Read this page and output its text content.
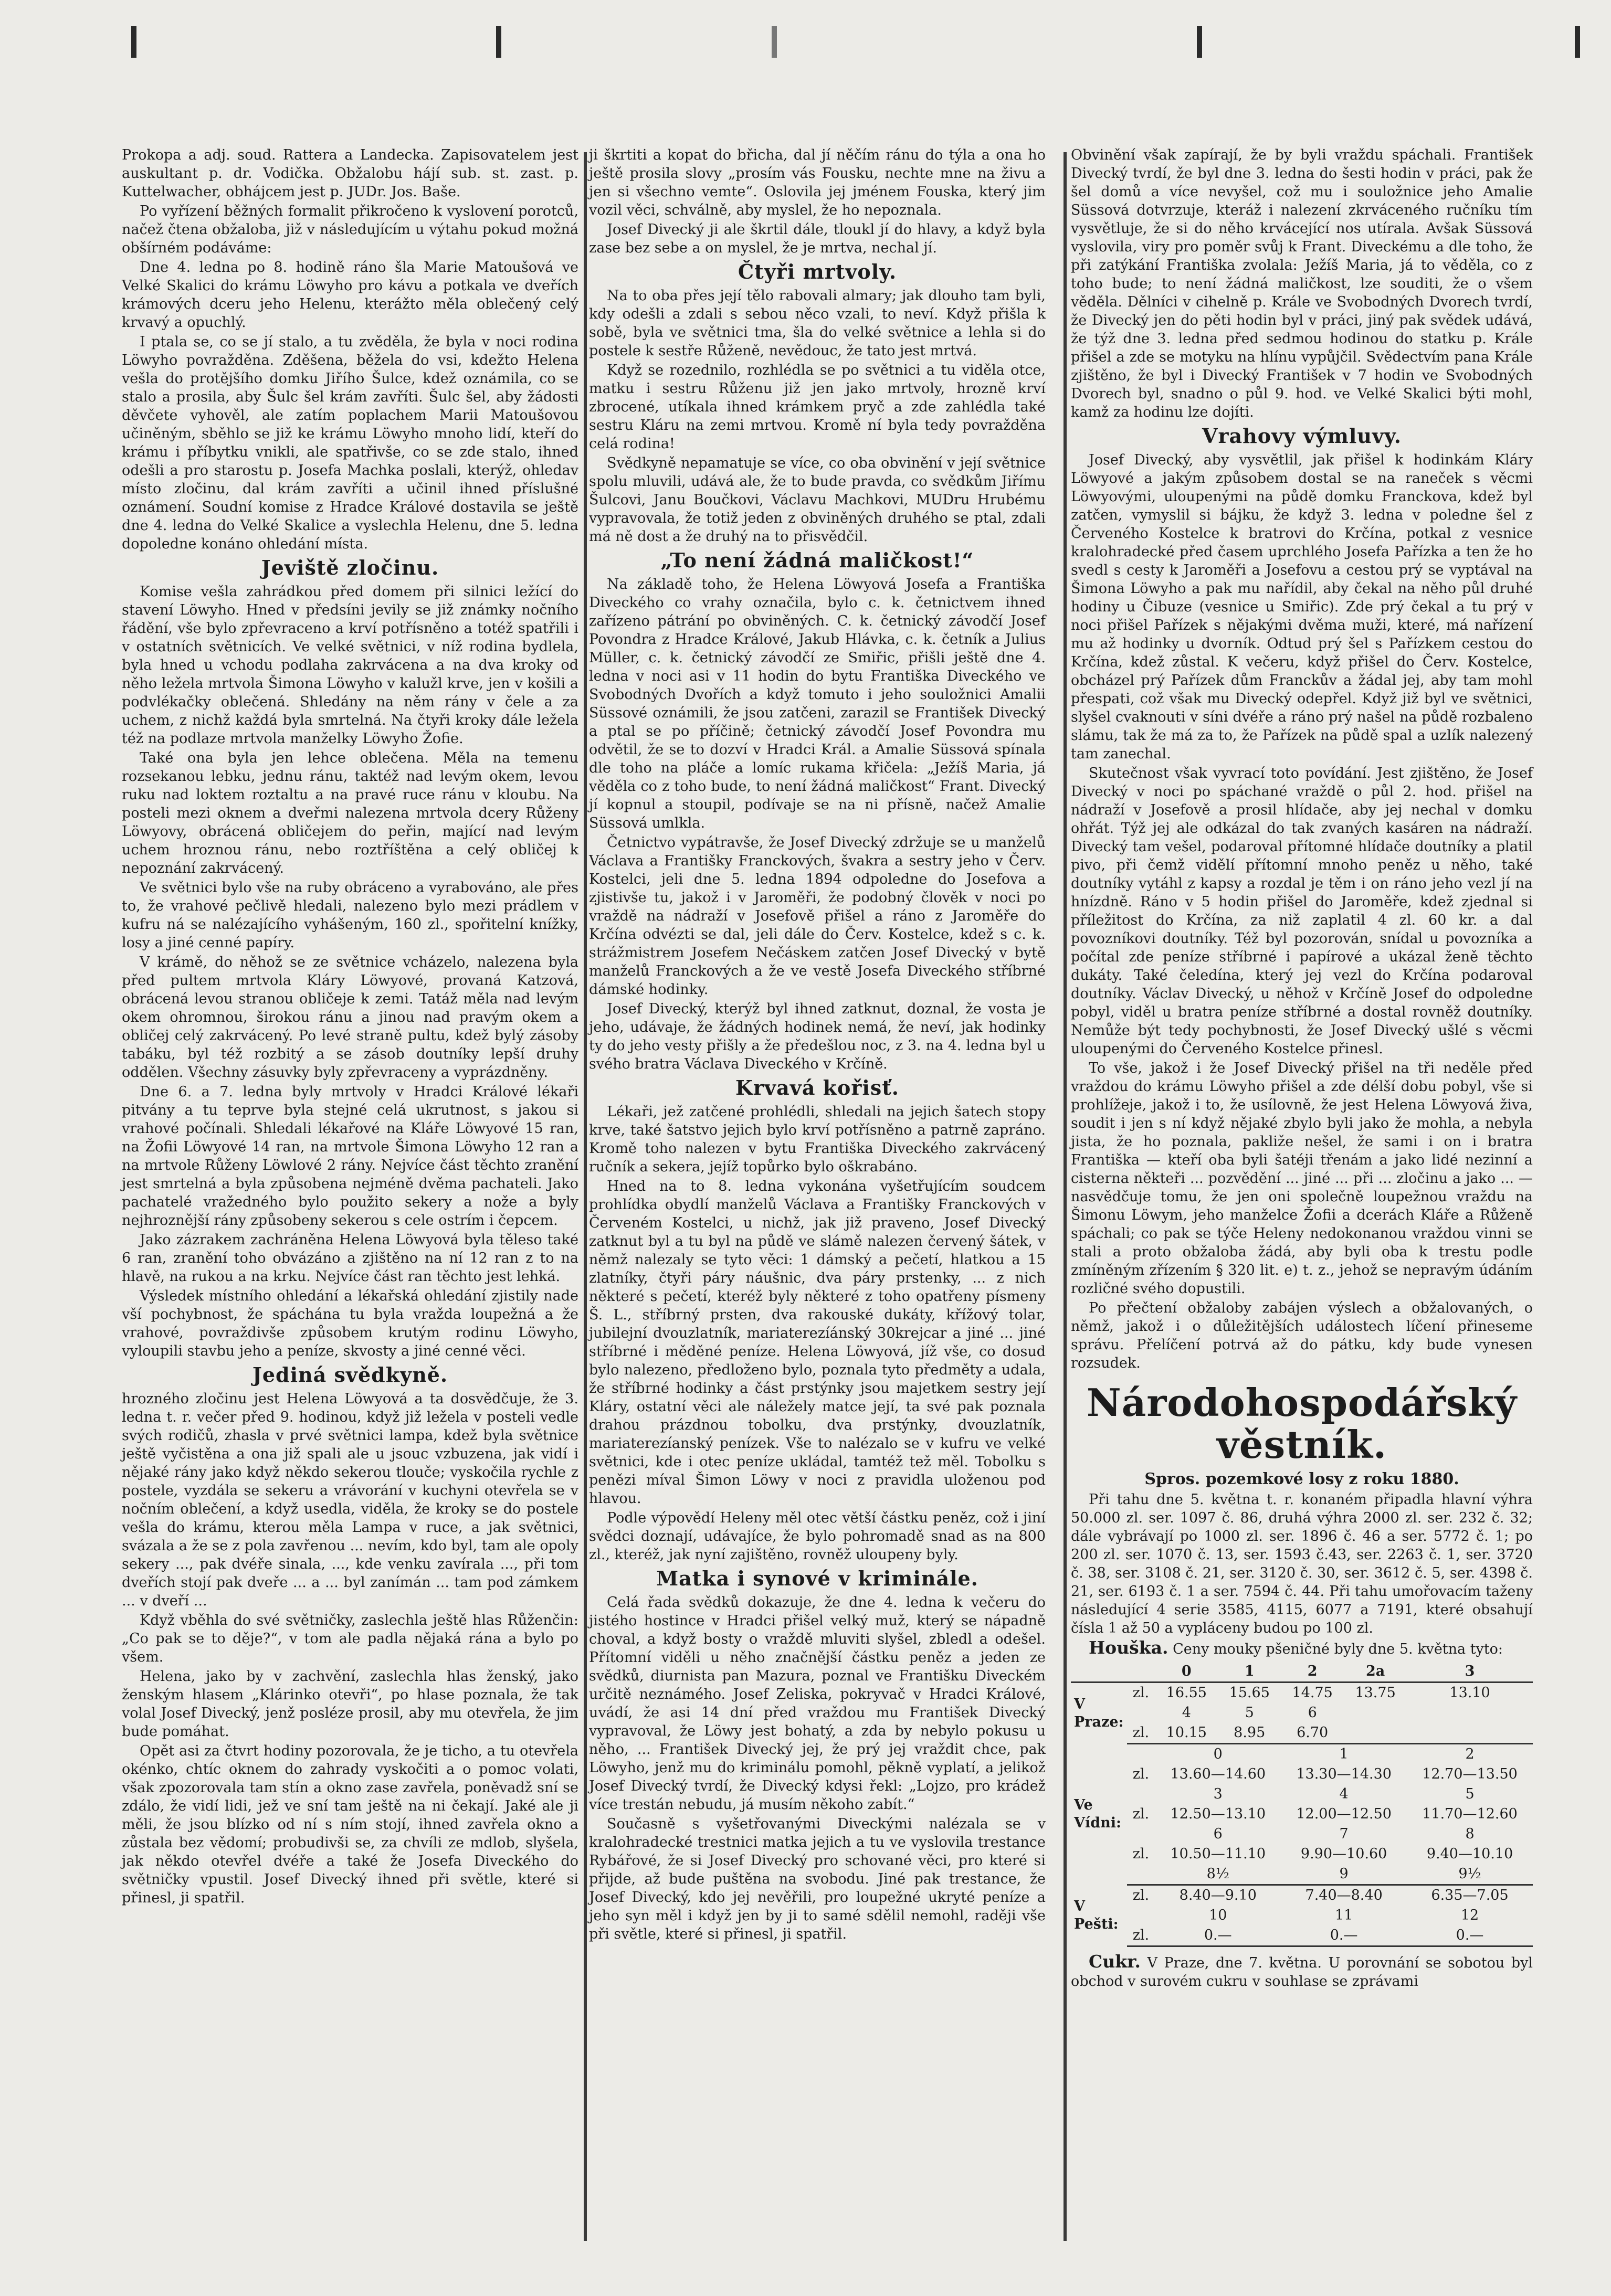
Prokopa a adj. soud. Rattera a Landecka. Zapisovatelem jest auskultant p. dr. Vodička. Obžalobu hájí sub. st. zast. p. Kuttelwacher, obhájcem jest p. JUDr. Jos. Baše.

Po vyřízení běžných formalit přikročeno k vyslovení porotců, načež čtena obžaloba, již v následujícím u výtahu pokud možná obšírném podáváme:

Dne 4. ledna po 8. hodině ráno šla Marie Matoušová ve Velké Skalici do krámu Löwyho pro kávu a potkala ve dveřích krámových dceru jeho Helenu, kterážto měla oblečený celý krvavý a opuchlý.

I ptala se, co se jí stalo, a tu zvěděla, že byla v noci rodina Löwyho povražděna. Zděšena, běžela do vsi, kdežto Helena vešla do protějšího domku Jiřího Šulce, kdež oznámila, co se stalo a prosila, aby Šulc šel krám zavříti. Šulc šel, aby žádosti děvčete vyhověl, ale zatím poplachem Marii Matoušovou učiněným, sběhlo se již ke krámu Löwyho mnoho lidí, kteří do krámu i příbytku vnikli, ale spatřivše, co se zde stalo, ihned odešli a pro starostu p. Josefa Machka poslali, kterýž, ohledav místo zločinu, dal krám zavříti a učinil ihned příslušné oznámení. Soudní komise z Hradce Králové dostavila se ještě dne 4. ledna do Velké Skalice a vyslechla Helenu, dne 5. ledna dopoledne konáno ohledání místa.

Jeviště zločinu.

Komise vešla zahrádkou před domem při silnici ležící do stavení Löwyho. Hned v předsíni jevily se již známky nočního řádění, vše bylo zpřevraceno a krví potřísněno a totéž spatřili i v ostatních světnicích. Ve velké světnici, v níž rodina bydlela, byla hned u vchodu podlaha zakrvácena a na dva kroky od něho ležela mrtvola Šimona Löwyho v kalužl krve, jen v košili a podvlékačky oblečená. Shledány na něm rány v čele a za uchem, z nichž každá byla smrtelná. Na čtyři kroky dále ležela též na podlaze mrtvola manželky Löwyho Žofie.

Také ona byla jen lehce oblečena. Měla na temenu rozsekanou lebku, jednu ránu, taktéž nad levým okem, levou ruku nad loktem roztaltu a na pravé ruce ránu v kloubu. Na posteli mezi oknem a dveřmi nalezena mrtvola dcery Růženy Löwyovy, obrácená obličejem do peřin, mající nad levým uchem hroznou ránu, nebo roztříštěna a celý obličej k nepoznání zakrvácený.

Ve světnici bylo vše na ruby obráceno a vyrabováno, ale přes to, že vrahové pečlivě hledali, nalezeno bylo mezi prádlem v kufru ná se nalézajícího vyhášeným, 160 zl., spořitelní knížky, losy a jiné cenné papíry.

V krámě, do něhož se ze světnice vcházelo, nalezena byla před pultem mrtvola Kláry Löwyové, provaná Katzová, obrácená levou stranou obličeje k zemi. Tatáž měla nad levým okem ohromnou, širokou ránu a jinou nad pravým okem a obličej celý zakrvácený. Po levé straně pultu, kdež bylý zásoby tabáku, byl též rozbitý a se zásob doutníky lepší druhy oddělen. Všechny zásuvky byly zpřevraceny a vyprázdněny.

Dne 6. a 7. ledna byly mrtvoly v Hradci Králové lékaři pitvány a tu teprve byla stejné celá ukrutnost, s jakou si vrahové počínali. Shledali lékařové na Kláře Löwyové 15 ran, na Žofii Löwyové 14 ran, na mrtvole Šimona Löwyho 12 ran a na mrtvole Růženy Löwlové 2 rány. Nejvíce část těchto zranění jest smrtelná a byla způsobena nejméně dvěma pachateli. Jako pachatelé vražedného bylo použito sekery a nože a byly nejhroznější rány způsobeny sekerou s cele ostrím i čepcem.

Jako zázrakem zachráněna Helena Löwyová byla těleso také 6 ran, zranění toho obvázáno a zjištěno na ní 12 ran z to na hlavě, na rukou a na krku. Nejvíce část ran těchto jest lehká.

Výsledek místního ohledání a lékařská ohledání zjistily nade vší pochybnost, že spáchána tu byla vražda loupežná a že vrahové, povraždivše způsobem krutým rodinu Löwyho, vyloupili stavbu jeho a peníze, skvosty a jiné cenné věci.

Jediná svědkyně.

hrozného zločinu jest Helena Löwyová a ta dosvědčuje, že 3. ledna t. r. večer před 9. hodinou, když již ležela v posteli vedle svých rodičů, zhasla v prvé světnici lampa, kdež byla světnice ještě vyčistěna a ona již spali ale u jsouc vzbuzena, jak vidí i nějaké rány jako když někdo sekerou tlouče; vyskočila rychle z postele, vyzdála se sekeru a vrávorání v kuchyni otevřela se v nočním oblečení, a když usedla, viděla, že kroky se do postele vešla do krámu, kterou měla Lampa v ruce, a jak světnici, svázala a že se z pola zavřenou ... nevím, kdo byl, tam ale opoly sekery ..., pak dvéře sinala, ..., kde venku zavírala ..., při tom dveřích stojí pak dveře ... a ... byl zanímán ... tam pod zámkem ... v dveří ...

Když vběhla do své světničky, zaslechla ještě hlas Růženčin: „Co pak se to děje?“, v tom ale padla nějaká rána a bylo po všem.

Helena, jako by v zachvění, zaslechla hlas ženský, jako ženským hlasem „Klárinko otevři“, po hlase poznala, že tak volal Josef Divecký, jenž posléze prosil, aby mu otevřela, že jim bude pomáhat.

Opět asi za čtvrt hodiny pozorovala, že je ticho, a tu otevřela okénko, chtíc oknem do zahrady vyskočiti a o pomoc volati, však zpozorovala tam stín a okno zase zavřela, poněvadž sní se zdálo, že vidí lidi, jež ve sní tam ještě na ni čekají. Jaké ale ji měli, že jsou blízko od ní s ním stojí, ihned zavřela okno a zůstala bez vědomí; probudivši se, za chvíli ze mdlob, slyšela, jak někdo otevřel dvéře a také že Josefa Diveckého do světničky vpustil. Josef Divecký ihned při světle, které si přinesl, ji spatřil.

ji škrtiti a kopat do břicha, dal jí něčím ránu do týla a ona ho ještě prosila slovy „prosím vás Fousku, nechte mne na živu a jen si všechno vemte“. Oslovila jej jménem Fouska, který jim vozil věci, schválně, aby myslel, že ho nepoznala.

Josef Divecký ji ale škrtil dále, tloukl jí do hlavy, a když byla zase bez sebe a on myslel, že je mrtva, nechal jí.

Čtyři mrtvoly.

Na to oba přes její tělo rabovali almary; jak dlouho tam byli, kdy odešli a zdali s sebou něco vzali, to neví. Když přišla k sobě, byla ve světnici tma, šla do velké světnice a lehla si do postele k sestře Růženě, nevědouc, že tato jest mrtvá.

Když se rozednilo, rozhlédla se po světnici a tu viděla otce, matku i sestru Růženu již jen jako mrtvoly, hrozně krví zbrocené, utíkala ihned krámkem pryč a zde zahlédla také sestru Kláru na zemi mrtvou. Kromě ní byla tedy povražděna celá rodina!

Svědkyně nepamatuje se více, co oba obvinění v její světnice spolu mluvili, udává ale, že to bude pravda, co svědkům Jiřímu Šulcovi, Janu Boučkovi, Václavu Machkovi, MUDru Hrubému vypravovala, že totiž jeden z obviněných druhého se ptal, zdali má ně dost a že druhý na to přisvědčil.

„To není žádná maličkost!“

Na základě toho, že Helena Löwyová Josefa a Františka Diveckého co vrahy označila, bylo c. k. četnictvem ihned zařízeno pátrání po obviněných. C. k. četnický závodčí Josef Povondra z Hradce Králové, Jakub Hlávka, c. k. četník a Julius Müller, c. k. četnický závodčí ze Smiřic, přišli ještě dne 4. ledna v noci asi v 11 hodin do bytu Františka Diveckého ve Svobodných Dvořích a když tomuto i jeho souložnici Amalii Süssové oznámili, že jsou zatčeni, zarazil se František Divecký a ptal se po příčině; četnický závodčí Josef Povondra mu odvětil, že se to dozví v Hradci Král. a Amalie Süssová spínala dle toho na pláče a lomíc rukama křičela: „Ježíš Maria, já věděla co z toho bude, to není žádná maličkost“ Frant. Divecký jí kopnul a stoupil, podívaje se na ni přísně, načež Amalie Süssová umlkla.

Četnictvo vypátravše, že Josef Divecký zdržuje se u manželů Václava a Františky Franckových, švakra a sestry jeho v Červ. Kostelci, jeli dne 5. ledna 1894 odpoledne do Josefova a zjistivše tu, jakož i v Jaroměři, že podobný člověk v noci po vraždě na nádraží v Josefově přišel a ráno z Jaroměře do Krčína odvézti se dal, jeli dále do Červ. Kostelce, kdež s c. k. strážmistrem Josefem Nečáskem zatčen Josef Divecký v bytě manželů Franckových a že ve vestě Josefa Diveckého stříbrné dámské hodinky.

Josef Divecký, kterýž byl ihned zatknut, doznal, že vosta je jeho, udávaje, že žádných hodinek nemá, že neví, jak hodinky ty do jeho vesty přišly a že předešlou noc, z 3. na 4. ledna byl u svého bratra Václava Diveckého v Krčíně.

Krvavá kořisť.

Lékaři, jež zatčené prohlédli, shledali na jejich šatech stopy krve, také šatstvo jejich bylo krví potřísněno a patrně zapráno. Kromě toho nalezen v bytu Františka Diveckého zakrvácený ručník a sekera, jejíž topůrko bylo oškrabáno.

Hned na to 8. ledna vykonána vyšetřujícím soudcem prohlídka obydlí manželů Václava a Františky Franckových v Červeném Kostelci, u nichž, jak již praveno, Josef Divecký zatknut byl a tu byl na půdě ve slámě nalezen červený šátek, v němž nalezaly se tyto věci: 1 dámský a pečetí, hlatkou a 15 zlatníky, čtyři páry náušnic, dva páry prstenky, ... z nich některé s pečetí, kteréž byly některé z toho opatřeny písmeny Š. L., stříbrný prsten, dva rakouské dukáty, křížový tolar, jubilejní dvouzlatník, mariaterezíánský 30krejcar a jiné ... jiné stříbrné i měděné peníze. Helena Löwyová, jíž vše, co dosud bylo nalezeno, předloženo bylo, poznala tyto předměty a udala, že stříbrné hodinky a část prstýnky jsou majetkem sestry její Kláry, ostatní věci ale náležely matce její, ta své pak poznala drahou prázdnou tobolku, dva prstýnky, dvouzlatník, mariaterezíanský penízek. Vše to nalézalo se v kufru ve velké světnici, kde i otec peníze ukládal, tamtéž tež měl. Tobolku s penězi míval Šimon Löwy v noci z pravidla uloženou pod hlavou.

Podle výpovědí Heleny měl otec větší částku peněz, což i jiní svědci doznají, udávajíce, že bylo pohromadě snad as na 800 zl., kteréž, jak nyní zajištěno, rovněž uloupeny byly.

Matka i synové v kriminále.

Celá řada svědků dokazuje, že dne 4. ledna k večeru do jistého hostince v Hradci přišel velký muž, který se nápadně choval, a když bosty o vraždě mluviti slyšel, zbledl a odešel. Přítomní viděli u něho značnější částku peněz a jeden ze svědků, diurnista pan Mazura, poznal ve Františku Diveckém určitě neznámého. Josef Zeliska, pokryvač v Hradci Králové, uvádí, že asi 14 dní před vraždou mu František Divecký vypravoval, že Löwy jest bohatý, a zda by nebylo pokusu u něho, ... František Divecký jej, že prý jej vraždit chce, pak Löwyho, jenž mu do kriminálu pomohl, pěkně vyplatí, a jelikož Josef Divecký tvrdí, že Divecký kdysi řekl: „Lojzo, pro krádež více trestán nebudu, já musím někoho zabít.“

Současně s vyšetřovanými Diveckými nalézala se v kralohradecké trestnici matka jejich a tu ve vyslovila trestance Rybářové, že si Josef Divecký pro schované věci, pro které si přijde, až bude puštěna na svobodu. Jiné pak trestance, že Josef Divecký, kdo jej nevěřili, pro loupežné ukryté peníze a jeho syn měl i když jen by ji to samé sdělil nemohl, raději vše při světle, které si přinesl, ji spatřil.

Obvinění však zapírají, že by byli vraždu spáchali. František Divecký tvrdí, že byl dne 3. ledna do šesti hodin v práci, pak že šel domů a více nevyšel, což mu i souložnice jeho Amalie Süssová dotvrzuje, kteráž i nalezení zkrváceného ručníku tím vysvětluje, že si do něho krvácející nos utírala. Avšak Süssová vyslovila, viry pro poměr svůj k Frant. Diveckému a dle toho, že při zatýkání Františka zvolala: Ježíš Maria, já to věděla, co z toho bude; to není žádná maličkost, lze souditi, že o všem věděla. Dělníci v cihelně p. Krále ve Svobodných Dvorech tvrdí, že Divecký jen do pěti hodin byl v práci, jiný pak svědek udává, že týž dne 3. ledna před sedmou hodinou do statku p. Krále přišel a zde se motyku na hlínu vypůjčil. Svědectvím pana Krále zjištěno, že byl i Divecký František v 7 hodin ve Svobodných Dvorech byl, snadno o půl 9. hod. ve Velké Skalici býti mohl, kamž za hodinu lze dojíti.

Vrahovy výmluvy.

Josef Divecký, aby vysvětlil, jak přišel k hodinkám Kláry Löwyové a jakým způsobem dostal se na raneček s věcmi Löwyovými, uloupenými na půdě domku Franckova, kdež byl zatčen, vymyslil si bájku, že když 3. ledna v poledne šel z Červeného Kostelce k bratrovi do Krčína, potkal z vesnice kralohradecké před časem uprchlého Josefa Pařízka a ten že ho svedl s cesty k Jaroměři a Josefovu a cestou prý se vyptával na Šimona Löwyho a pak mu nařídil, aby čekal na něho půl druhé hodiny u Čibuze (vesnice u Smiřic). Zde prý čekal a tu prý v noci přišel Pařízek s nějakými dvěma muži, které, má nařízení mu až hodinky u dvorník. Odtud prý šel s Pařízkem cestou do Krčína, kdež zůstal. K večeru, když přišel do Červ. Kostelce, obcházel prý Pařízek dům Franckův a žádal jej, aby tam mohl přespati, což však mu Divecký odepřel. Když již byl ve světnici, slyšel cvaknouti v síni dvéře a ráno prý našel na půdě rozbaleno slámu, tak že má za to, že Pařízek na půdě spal a uzlík nalezený tam zanechal.

Skutečnost však vyvrací toto povídání. Jest zjištěno, že Josef Divecký v noci po spáchané vraždě o půl 2. hod. přišel na nádraží v Josefově a prosil hlídače, aby jej nechal v domku ohřát. Týž jej ale odkázal do tak zvaných kasáren na nádraží. Divecký tam vešel, podaroval přítomné hlídače doutníky a platil pivo, při čemž vidělí přítomní mnoho peněz u něho, také doutníky vytáhl z kapsy a rozdal je těm i on ráno jeho vezl jí na hnízdně. Ráno v 5 hodin přišel do Jaroměře, kdež zjednal si příležitost do Krčína, za niž zaplatil 4 zl. 60 kr. a dal povozníkovi doutníky. Též byl pozorován, snídal u povozníka a počítal zde peníze stříbrné i papírové a ukázal ženě těchto dukáty. Také čeledína, který jej vezl do Krčína podaroval doutníky. Václav Divecký, u něhož v Krčíně Josef do odpoledne pobyl, viděl u bratra peníze stříbrné a dostal rovněž doutníky. Nemůže být tedy pochybnosti, že Josef Divecký ušlé s věcmi uloupenými do Červeného Kostelce přinesl.

To vše, jakož i že Josef Divecký přišel na tři neděle před vraždou do krámu Löwyho přišel a zde délší dobu pobyl, vše si prohlížeje, jakož i to, že usílovně, že jest Helena Löwyová živa, soudit i jen s ní když nějaké zbylo byli jako že mohla, a nebyla jista, že ho poznala, pakliže nešel, že sami i on i bratra Františka — kteří oba byli šatéji třenám a jako lidé nezinní a cisterna někteři ... pozvědění ... jiné ... při ... zločinu a jako ... — nasvědčuje tomu, že jen oni společně loupežnou vraždu na Šimonu Löwym, jeho manželce Žofii a dcerách Kláře a Růženě spáchali; co pak se týče Heleny nedokonanou vraždou vinni se stali a proto obžaloba žádá, aby byli oba k trestu podle zmíněným zřízením § 320 lit. e) t. z., jehož se nepravým údáním rozličné svého dopustili.

Po přečtení obžaloby zabájen výslech a obžalovaných, o němž, jakož i o důležitějších událostech líčení přineseme správu. Přelíčení potrvá až do pátku, kdy bude vynesen rozsudek.

Národohospodářský věstník.
Spros. pozemkové losy z roku 1880.

Při tahu dne 5. května t. r. konaném připadla hlavní výhra 50.000 zl. ser. 1097 č. 86, druhá výhra 2000 zl. ser. 232 č. 32; dále vybrávají po 1000 zl. ser. 1896 č. 46 a ser. 5772 č. 1; po 200 zl. ser. 1070 č. 13, ser. 1593 č.43, ser. 2263 č. 1, ser. 3720 č. 38, ser. 3108 č. 21, ser. 3120 č. 30, ser. 3612 č. 5, ser. 4398 č. 21, ser. 6193 č. 1 a ser. 7594 č. 44. Při tahu umořovacím taženy následující 4 serie 3585, 4115, 6077 a 7191, které obsahují čísla 1 až 50 a vypláceny budou po 100 zl.

Houška. Ceny mouky pšeničné byly dne 5. května tyto:

		0	1	2	2a	3
V Praze:	zl.	16.55	15.65	14.75	13.75	13.10
		4	5	6		
	zl.	10.15	8.95	6.70		
Ve Vídni:		0		1		2
	zl.	13.60—14.60		13.30—14.30		12.70—13.50
		3		4		5
	zl.	12.50—13.10		12.00—12.50		11.70—12.60
		6		7		8
	zl.	10.50—11.10		9.90—10.60		9.40—10.10
		8½		9		9½
V Pešti:	zl.	8.40—9.10		7.40—8.40		6.35—7.05
		10		11		12
	zl.	0.—		0.—		0.—

Cukr. V Praze, dne 7. května. U porovnání se sobotou byl obchod v surovém cukru v souhlase se zprávami
